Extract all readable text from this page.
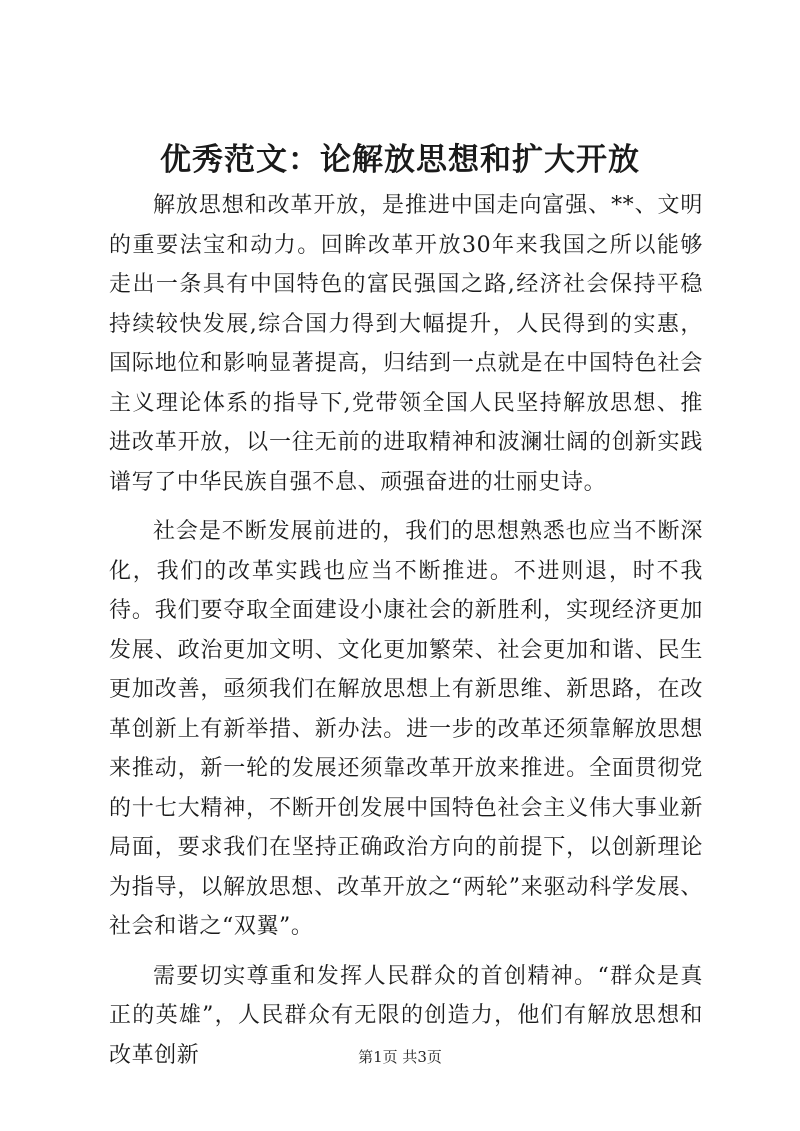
优秀范文：论解放思想和扩大开放

解放思想和改革开放，是推进中国走向富强、**、文明的重要法宝和动力。回眸改革开放30年来我国之所以能够走出一条具有中国特色的富民强国之路,经济社会保持平稳持续较快发展,综合国力得到大幅提升，人民得到的实惠，国际地位和影响显著提高，归结到一点就是在中国特色社会主义理论体系的指导下,党带领全国人民坚持解放思想、推进改革开放，以一往无前的进取精神和波澜壮阔的创新实践谱写了中华民族自强不息、顽强奋进的壮丽史诗。

社会是不断发展前进的，我们的思想熟悉也应当不断深化，我们的改革实践也应当不断推进。不进则退，时不我待。我们要夺取全面建设小康社会的新胜利，实现经济更加发展、政治更加文明、文化更加繁荣、社会更加和谐、民生更加改善，亟须我们在解放思想上有新思维、新思路，在改革创新上有新举措、新办法。进一步的改革还须靠解放思想来推动，新一轮的发展还须靠改革开放来推进。全面贯彻党的十七大精神，不断开创发展中国特色社会主义伟大事业新局面，要求我们在坚持正确政治方向的前提下，以创新理论为指导，以解放思想、改革开放之“两轮”来驱动科学发展、社会和谐之“双翼”。

需要切实尊重和发挥人民群众的首创精神。“群众是真正的英雄”，人民群众有无限的创造力，他们有解放思想和改革创新	第1页 共3页
